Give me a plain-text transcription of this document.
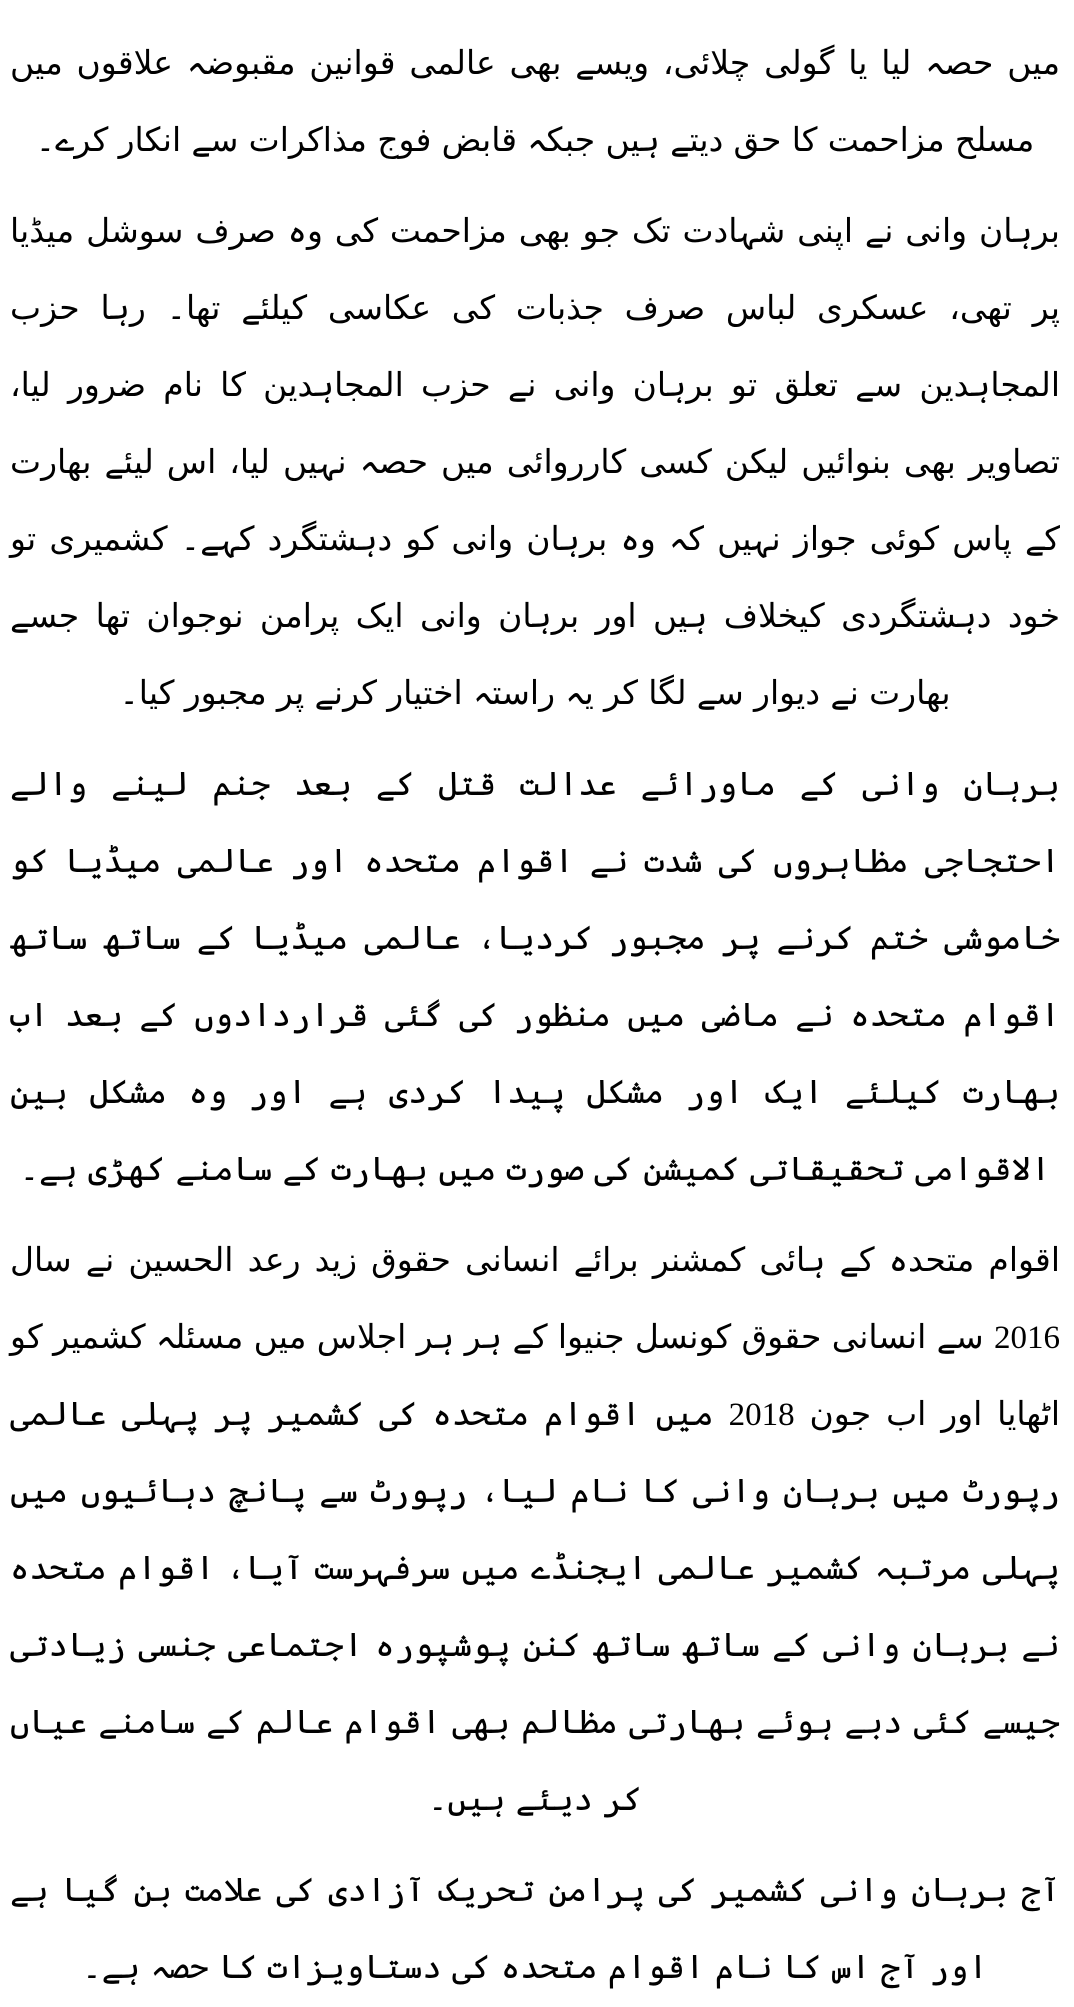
میں حصہ لیا یا گولی چلائی، ویسے بھی عالمی قوانین مقبوضہ علاقوں میں مسلح مزاحمت کا حق دیتے ہیں جبکہ قابض فوج مذاکرات سے انکار کرے۔

برہان وانی نے اپنی شہادت تک جو بھی مزاحمت کی وہ صرف سوشل میڈیا پر تھی، عسکری لباس صرف جذبات کی عکاسی کیلئے تھا۔ رہا حزب المجاہدین سے تعلق تو برہان وانی نے حزب المجاہدین کا نام ضرور لیا، تصاویر بھی بنوائیں لیکن کسی کارروائی میں حصہ نہیں لیا، اس لیئے بھارت کے پاس کوئی جواز نہیں کہ وہ برہان وانی کو دہشتگرد کہے۔ کشمیری تو خود دہشتگردی کیخلاف ہیں اور برہان وانی ایک پرامن نوجوان تھا جسے بھارت نے دیوار سے لگا کر یہ راستہ اختیار کرنے پر مجبور کیا۔

برہان وانی کے ماورائے عدالت قتل کے بعد جنم لینے والے احتجاجی مظاہروں کی شدت نے اقوام متحدہ اور عالمی میڈیا کو خاموشی ختم کرنے پر مجبور کردیا، عالمی میڈیا کے ساتھ ساتھ اقوام متحدہ نے ماضی میں منظور کی گئی قراردادوں کے بعد اب بھارت کیلئے ایک اور مشکل پیدا کردی ہے اور وہ مشکل بین الاقوامی تحقیقاتی کمیشن کی صورت میں بھارت کے سامنے کھڑی ہے۔

اقوام متحدہ کے ہائی کمشنر برائے انسانی حقوق زید رعد الحسین نے سال 2016 سے انسانی حقوق کونسل جنیوا کے ہر ہر اجلاس میں مسئلہ کشمیر کو اٹھایا اور اب جون 2018 میں اقوام متحدہ کی کشمیر پر پہلی عالمی رپورٹ میں برہان وانی کا نام لیا، رپورٹ سے پانچ دہائیوں میں پہلی مرتبہ کشمیر عالمی ایجنڈے میں سرفہرست آیا، اقوام متحدہ نے برہان وانی کے ساتھ ساتھ کنن پوشپورہ اجتماعی جنسی زیادتی جیسے کئی دبے ہوئے بھارتی مظالم بھی اقوام عالم کے سامنے عیاں کر دیئے ہیں۔

آج برہان وانی کشمیر کی پرامن تحریک آزادی کی علامت بن گیا ہے اور آج اس کا نام اقوام متحدہ کی دستاویزات کا حصہ ہے۔
